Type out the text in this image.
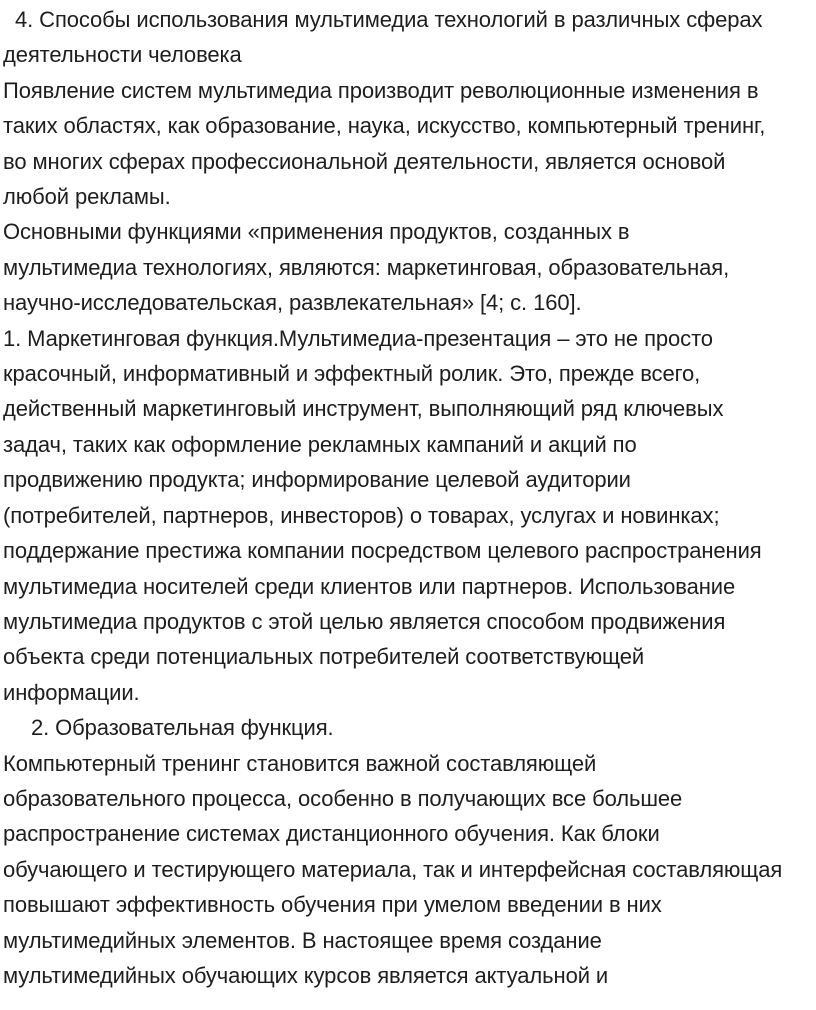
4. Способы использования мультимедиа технологий в различных сферах
деятельности человека
Появление систем мультимедиа производит революционные изменения в
таких областях, как образование, наука, искусство, компьютерный тренинг,
во многих сферах профессиональной деятельности, является основой
любой рекламы.
Основными функциями «применения продуктов, созданных в
мультимедиа технологиях, являются: маркетинговая, образовательная,
научно-исследовательская, развлекательная» [4; с. 160].
1. Маркетинговая функция.Мультимедиа-презентация – это не просто
красочный, информативный и эффектный ролик. Это, прежде всего,
действенный маркетинговый инструмент, выполняющий ряд ключевых
задач, таких как оформление рекламных кампаний и акций по
продвижению продукта; информирование целевой аудитории
(потребителей, партнеров, инвесторов) о товарах, услугах и новинках;
поддержание престижа компании посредством целевого распространения
мультимедиа носителей среди клиентов или партнеров. Использование
мультимедиа продуктов с этой целью является способом продвижения
объекта среди потенциальных потребителей соответствующей
информации.
2. Образовательная функция.
Компьютерный тренинг становится важной составляющей
образовательного процесса, особенно в получающих все большее
распространение системах дистанционного обучения. Как блоки
обучающего и тестирующего материала, так и интерфейсная составляющая
повышают эффективность обучения при умелом введении в них
мультимедийных элементов. В настоящее время создание
мультимедийных обучающих курсов является актуальной и
